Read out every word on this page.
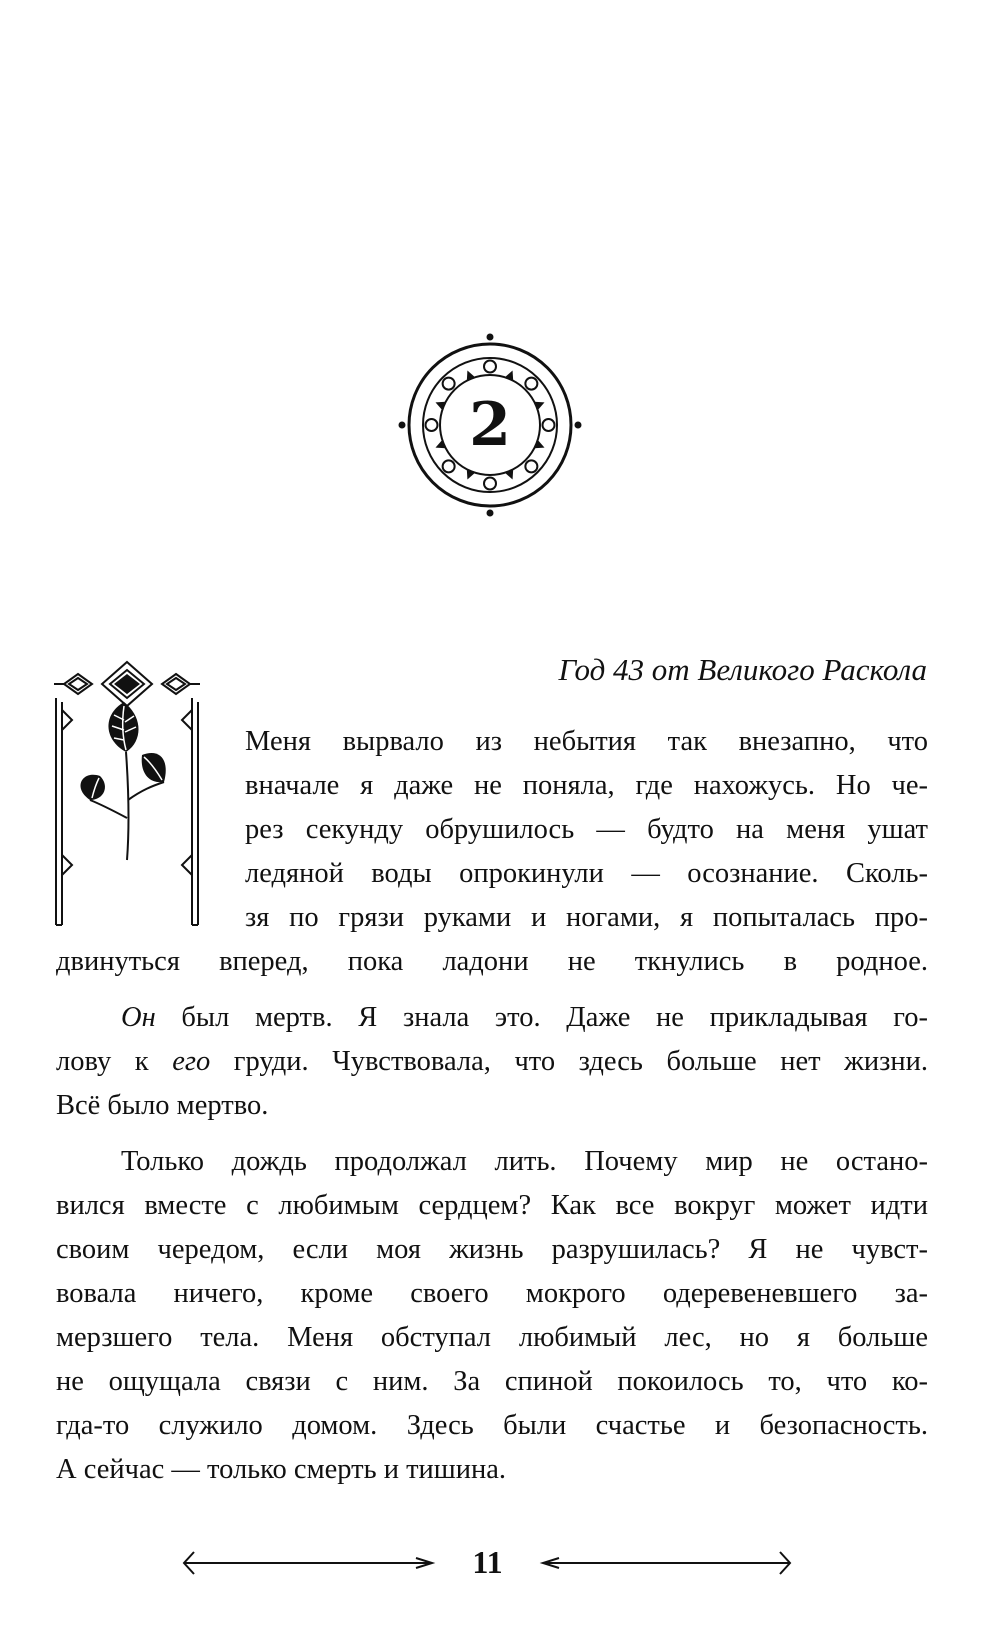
2
Год 43 от Великого Раскола
Меня вырвало из небытия так внезапно, что
вначале я даже не поняла, где нахожусь. Но че-
рез секунду обрушилось — будто на меня ушат
ледяной воды опрокинули — осознание. Сколь-
зя по грязи руками и ногами, я попыталась про-
двинуться вперед, пока ладони не ткнулись в родное.
Он был мертв. Я знала это. Даже не прикладывая го-
лову к его груди. Чувствовала, что здесь больше нет жизни.
Всё было мертво.
Только дождь продолжал лить. Почему мир не остано-
вился вместе с любимым сердцем? Как все вокруг может идти
своим чередом, если моя жизнь разрушилась? Я не чувст-
вовала ничего, кроме своего мокрого одеревеневшего за-
мерзшего тела. Меня обступал любимый лес, но я больше
не ощущала связи с ним. За спиной покоилось то, что ко-
гда-то служило домом. Здесь были счастье и безопасность.
А сейчас — только смерть и тишина.
11
